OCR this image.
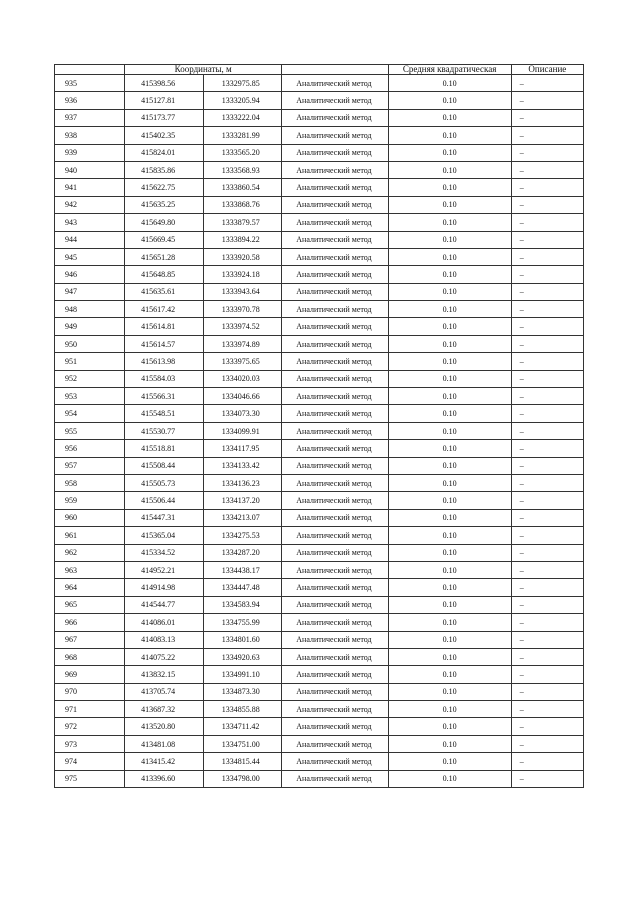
	Координаты, м			Средняя квадратическая	Описание
935	415398.56	1332975.85	Аналитический метод	0.10	–
936	415127.81	1333205.94	Аналитический метод	0.10	–
937	415173.77	1333222.04	Аналитический метод	0.10	–
938	415402.35	1333281.99	Аналитический метод	0.10	–
939	415824.01	1333565.20	Аналитический метод	0.10	–
940	415835.86	1333568.93	Аналитический метод	0.10	–
941	415622.75	1333860.54	Аналитический метод	0.10	–
942	415635.25	1333868.76	Аналитический метод	0.10	–
943	415649.80	1333879.57	Аналитический метод	0.10	–
944	415669.45	1333894.22	Аналитический метод	0.10	–
945	415651.28	1333920.58	Аналитический метод	0.10	–
946	415648.85	1333924.18	Аналитический метод	0.10	–
947	415635.61	1333943.64	Аналитический метод	0.10	–
948	415617.42	1333970.78	Аналитический метод	0.10	–
949	415614.81	1333974.52	Аналитический метод	0.10	–
950	415614.57	1333974.89	Аналитический метод	0.10	–
951	415613.98	1333975.65	Аналитический метод	0.10	–
952	415584.03	1334020.03	Аналитический метод	0.10	–
953	415566.31	1334046.66	Аналитический метод	0.10	–
954	415548.51	1334073.30	Аналитический метод	0.10	–
955	415530.77	1334099.91	Аналитический метод	0.10	–
956	415518.81	1334117.95	Аналитический метод	0.10	–
957	415508.44	1334133.42	Аналитический метод	0.10	–
958	415505.73	1334136.23	Аналитический метод	0.10	–
959	415506.44	1334137.20	Аналитический метод	0.10	–
960	415447.31	1334213.07	Аналитический метод	0.10	–
961	415365.04	1334275.53	Аналитический метод	0.10	–
962	415334.52	1334287.20	Аналитический метод	0.10	–
963	414952.21	1334438.17	Аналитический метод	0.10	–
964	414914.98	1334447.48	Аналитический метод	0.10	–
965	414544.77	1334583.94	Аналитический метод	0.10	–
966	414086.01	1334755.99	Аналитический метод	0.10	–
967	414083.13	1334801.60	Аналитический метод	0.10	–
968	414075.22	1334920.63	Аналитический метод	0.10	–
969	413832.15	1334991.10	Аналитический метод	0.10	–
970	413705.74	1334873.30	Аналитический метод	0.10	–
971	413687.32	1334855.88	Аналитический метод	0.10	–
972	413520.80	1334711.42	Аналитический метод	0.10	–
973	413481.08	1334751.00	Аналитический метод	0.10	–
974	413415.42	1334815.44	Аналитический метод	0.10	–
975	413396.60	1334798.00	Аналитический метод	0.10	–
